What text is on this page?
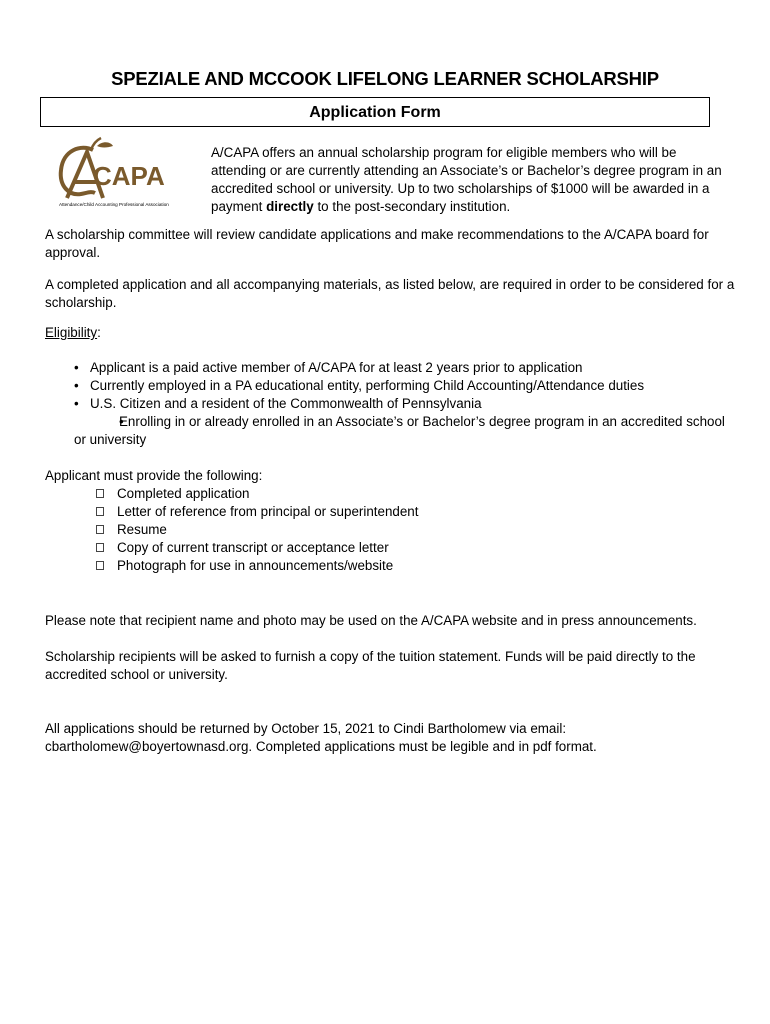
SPEZIALE AND MCCOOK LIFELONG LEARNER SCHOLARSHIP
Application Form
CAPA
Attendance/Child Accounting Professional Association
A/CAPA offers an annual scholarship program for eligible members who will be attending or are currently attending an Associate’s or Bachelor’s degree program in an accredited school or university. Up to two scholarships of $1000 will be awarded in a payment directly to the post-secondary institution.
A scholarship committee will review candidate applications and make recommendations to the A/CAPA board for approval.
A completed application and all accompanying materials, as listed below, are required in order to be considered for a scholarship.
Eligibility:
• Applicant is a paid active member of A/CAPA for at least 2 years prior to application
• Currently employed in a PA educational entity, performing Child Accounting/Attendance duties
• U.S. Citizen and a resident of the Commonwealth of Pennsylvania
• Enrolling in or already enrolled in an Associate’s or Bachelor’s degree program in an accredited school or university
Applicant must provide the following:
Completed application
Letter of reference from principal or superintendent
Resume
Copy of current transcript or acceptance letter
Photograph for use in announcements/website
Please note that recipient name and photo may be used on the A/CAPA website and in press announcements.
Scholarship recipients will be asked to furnish a copy of the tuition statement. Funds will be paid directly to the accredited school or university.
All applications should be returned by October 15, 2021 to Cindi Bartholomew via email: cbartholomew@boyertownasd.org. Completed applications must be legible and in pdf format.
